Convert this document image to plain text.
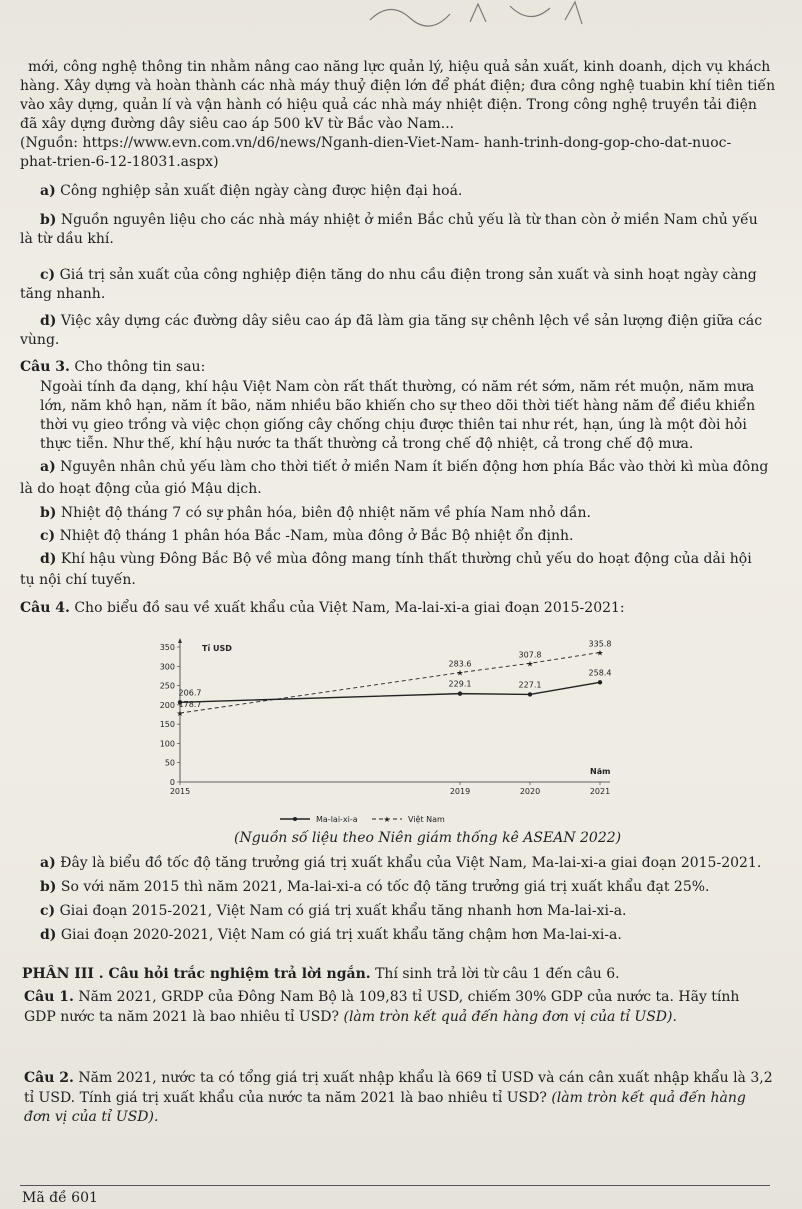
mới, công nghệ thông tin nhằm nâng cao năng lực quản lý, hiệu quả sản xuất, kinh doanh, dịch vụ khách
hàng. Xây dựng và hoàn thành các nhà máy thuỷ điện lớn để phát điện; đưa công nghệ tuabin khí tiên tiến
vào xây dựng, quản lí và vận hành có hiệu quả các nhà máy nhiệt điện. Trong công nghệ truyền tải điện
đã xây dựng đường dây siêu cao áp 500 kV từ Bắc vào Nam...
(Nguồn: https://www.evn.com.vn/d6/news/Nganh-dien-Viet-Nam- hanh-trinh-dong-gop-cho-dat-nuoc-
phat-trien-6-12-18031.aspx)
a) Công nghiệp sản xuất điện ngày càng được hiện đại hoá.
b) Nguồn nguyên liệu cho các nhà máy nhiệt ở miền Bắc chủ yếu là từ than còn ở miền Nam chủ yếu
là từ dầu khí.
c) Giá trị sản xuất của công nghiệp điện tăng do nhu cầu điện trong sản xuất và sinh hoạt ngày càng
tăng nhanh.
d) Việc xây dựng các đường dây siêu cao áp đã làm gia tăng sự chênh lệch về sản lượng điện giữa các
vùng.
Câu 3. Cho thông tin sau:
Ngoài tính đa dạng, khí hậu Việt Nam còn rất thất thường, có năm rét sớm, năm rét muộn, năm mưa
lớn, năm khô hạn, năm ít bão, năm nhiều bão khiến cho sự theo dõi thời tiết hàng năm để điều khiển
thời vụ gieo trồng và việc chọn giống cây chống chịu được thiên tai như rét, hạn, úng là một đòi hỏi
thực tiễn. Như thế, khí hậu nước ta thất thường cả trong chế độ nhiệt, cả trong chế độ mưa.
a) Nguyên nhân chủ yếu làm cho thời tiết ở miền Nam ít biến động hơn phía Bắc vào thời kì mùa đông
là do hoạt động của gió Mậu dịch.
b) Nhiệt độ tháng 7 có sự phân hóa, biên độ nhiệt năm về phía Nam nhỏ dần.
c) Nhiệt độ tháng 1 phân hóa Bắc -Nam, mùa đông ở Bắc Bộ nhiệt ổn định.
d) Khí hậu vùng Đông Bắc Bộ về mùa đông mang tính thất thường chủ yếu do hoạt động của dải hội
tụ nội chí tuyến.
Câu 4. Cho biểu đồ sau về xuất khẩu của Việt Nam, Ma-lai-xi-a giai đoạn 2015-2021:
0
50
100
150
200
250
300
350	Tỉ USD
Năm
2015	2019	2020	2021
206.7
229.1	227.1
258.4
★
178.7
★
283.6	★
307.8	★
335.8
Ma-lai-xi-a	★ Việt Nam
(Nguồn số liệu theo Niên giám thống kê ASEAN 2022)
a) Đây là biểu đồ tốc độ tăng trưởng giá trị xuất khẩu của Việt Nam, Ma-lai-xi-a giai đoạn 2015-2021.
b) So với năm 2015 thì năm 2021, Ma-lai-xi-a có tốc độ tăng trưởng giá trị xuất khẩu đạt 25%.
c) Giai đoạn 2015-2021, Việt Nam có giá trị xuất khẩu tăng nhanh hơn Ma-lai-xi-a.
d) Giai đoạn 2020-2021, Việt Nam có giá trị xuất khẩu tăng chậm hơn Ma-lai-xi-a.
PHẦN III . Câu hỏi trắc nghiệm trả lời ngắn. Thí sinh trả lời từ câu 1 đến câu 6.
Câu 1. Năm 2021, GRDP của Đông Nam Bộ là 109,83 tỉ USD, chiếm 30% GDP của nước ta. Hãy tính
GDP nước ta năm 2021 là bao nhiêu tỉ USD? (làm tròn kết quả đến hàng đơn vị của tỉ USD).
Câu 2. Năm 2021, nước ta có tổng giá trị xuất nhập khẩu là 669 tỉ USD và cán cân xuất nhập khẩu là 3,2
tỉ USD. Tính giá trị xuất khẩu của nước ta năm 2021 là bao nhiêu tỉ USD? (làm tròn kết quả đến hàng
đơn vị của tỉ USD).
Mã đề 601
